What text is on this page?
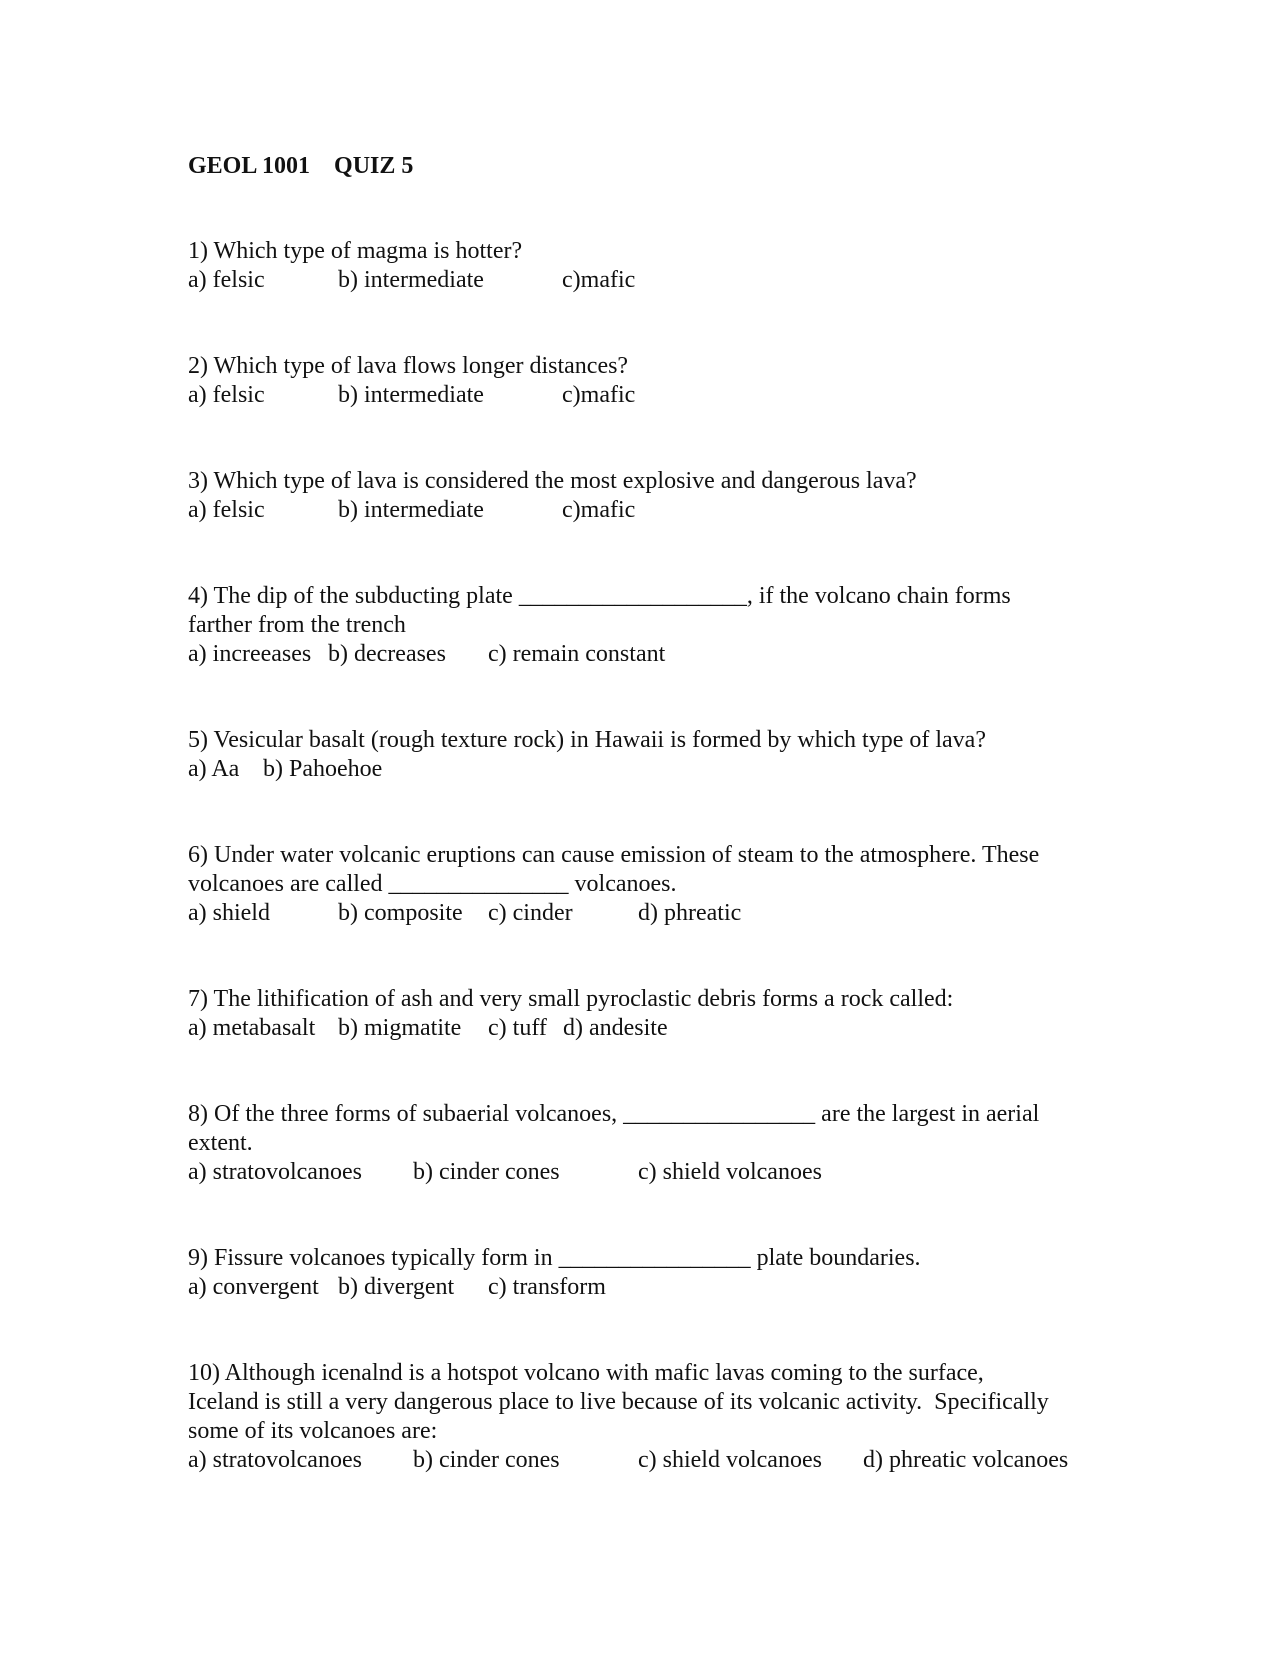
GEOL 1001    QUIZ 5
1) Which type of magma is hotter?
a) felsic	b) intermediate	c)mafic
2) Which type of lava flows longer distances?
a) felsic	b) intermediate	c)mafic
3) Which type of lava is considered the most explosive and dangerous lava?
a) felsic	b) intermediate	c)mafic
4) The dip of the subducting plate ___________________, if the volcano chain forms
farther from the trench
a) increeases b) decreases c) remain constant
5) Vesicular basalt (rough texture rock) in Hawaii is formed by which type of lava?
a) Aa b) Pahoehoe
6) Under water volcanic eruptions can cause emission of steam to the atmosphere. These
volcanoes are called _______________ volcanoes.
a) shield	b) composite c) cinder	d) phreatic
7) The lithification of ash and very small pyroclastic debris forms a rock called:
a) metabasalt b) migmatite c) tuff d) andesite
8) Of the three forms of subaerial volcanoes, ________________ are the largest in aerial
extent.
a) stratovolcanoes b) cinder cones	c) shield volcanoes
9) Fissure volcanoes typically form in ________________ plate boundaries.
a) convergent b) divergent c) transform
10) Although icenalnd is a hotspot volcano with mafic lavas coming to the surface,
Iceland is still a very dangerous place to live because of its volcanic activity.  Specifically
some of its volcanoes are:
a) stratovolcanoes b) cinder cones	c) shield volcanoes d) phreatic volcanoes
